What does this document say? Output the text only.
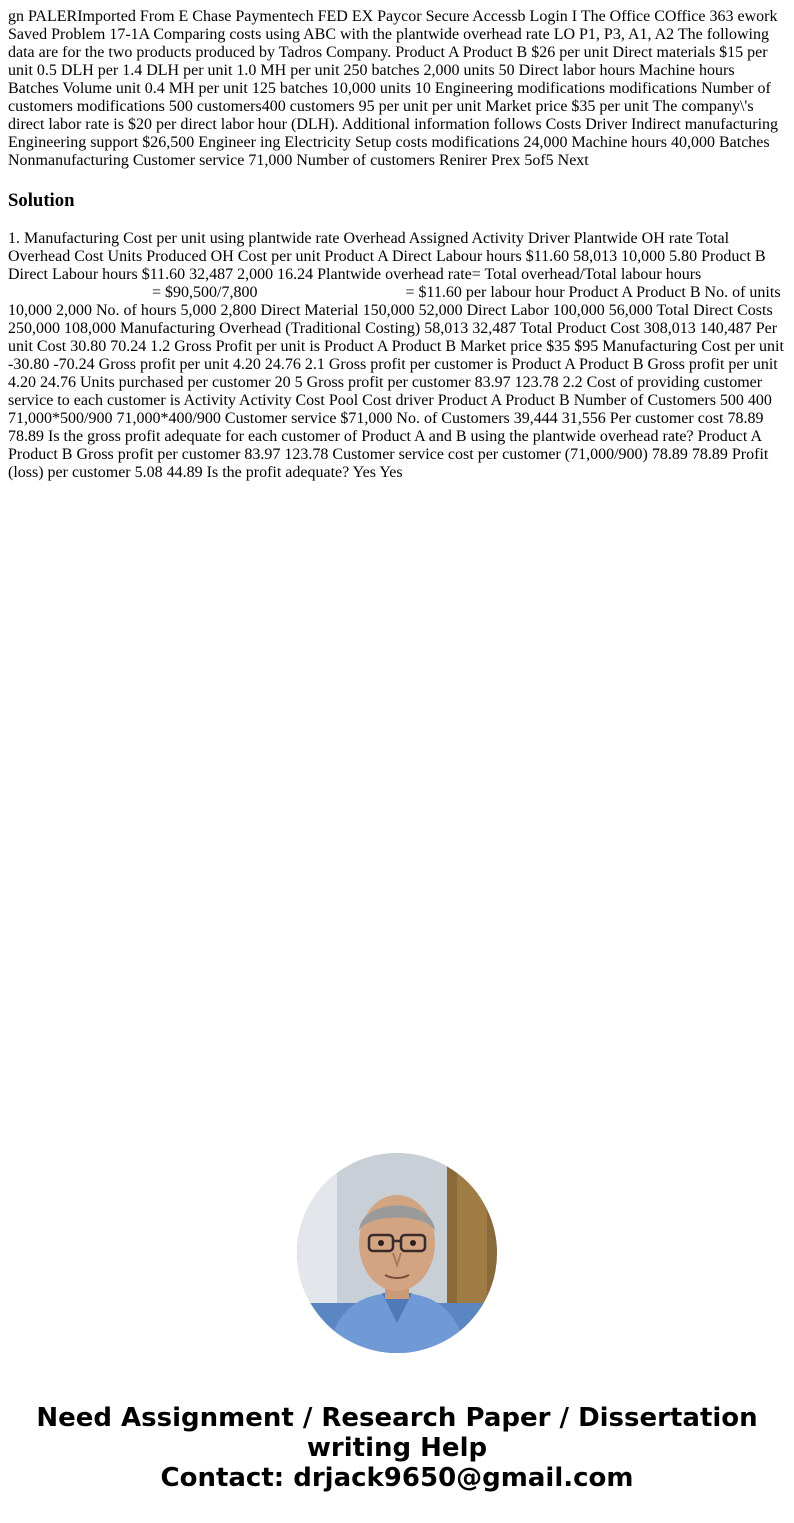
gn PALERImported From E Chase Paymentech FED EX Paycor Secure Accessb Login I The Office COffice 363 ework Saved Problem 17-1A Comparing costs using ABC with the plantwide overhead rate LO P1, P3, A1, A2 The following data are for the two products produced by Tadros Company. Product A Product B $26 per unit Direct materials $15 per unit 0.5 DLH per 1.4 DLH per unit 1.0 MH per unit 250 batches 2,000 units 50 Direct labor hours Machine hours Batches Volume unit 0.4 MH per unit 125 batches 10,000 units 10 Engineering modifications modifications Number of customers modifications 500 customers400 customers 95 per unit per unit Market price $35 per unit The company\'s direct labor rate is $20 per direct labor hour (DLH). Additional information follows Costs Driver Indirect manufacturing Engineering support $26,500 Engineer ing Electricity Setup costs modifications 24,000 Machine hours 40,000 Batches Nonmanufacturing Customer service 71,000 Number of customers Renirer Prex 5of5 Next

Solution

1. Manufacturing Cost per unit using plantwide rate Overhead Assigned Activity Driver Plantwide OH rate Total Overhead Cost Units Produced OH Cost per unit Product A Direct Labour hours $11.60 58,013 10,000 5.80 Product B Direct Labour hours $11.60 32,487 2,000 16.24 Plantwide overhead rate= Total overhead/Total labour hours
= $90,500/7,800	= $11.60 per labour hour Product A Product B No. of units 10,000 2,000 No. of hours 5,000 2,800 Direct Material 150,000 52,000 Direct Labor 100,000 56,000 Total Direct Costs 250,000 108,000 Manufacturing Overhead (Traditional Costing) 58,013 32,487 Total Product Cost 308,013 140,487 Per unit Cost 30.80 70.24 1.2 Gross Profit per unit is Product A Product B Market price $35 $95 Manufacturing Cost per unit -30.80 -70.24 Gross profit per unit 4.20 24.76 2.1 Gross profit per customer is Product A Product B Gross profit per unit 4.20 24.76 Units purchased per customer 20 5 Gross profit per customer 83.97 123.78 2.2 Cost of providing customer service to each customer is Activity Activity Cost Pool Cost driver Product A Product B Number of Customers 500 400 71,000*500/900 71,000*400/900 Customer service $71,000 No. of Customers 39,444 31,556 Per customer cost 78.89 78.89 Is the gross profit adequate for each customer of Product A and B using the plantwide overhead rate? Product A Product B Gross profit per customer 83.97 123.78 Customer service cost per customer (71,000/900) 78.89 78.89 Profit (loss) per customer 5.08 44.89 Is the profit adequate? Yes Yes

Need Assignment / Research Paper / Dissertation
writing Help
Contact: drjack9650@gmail.com
